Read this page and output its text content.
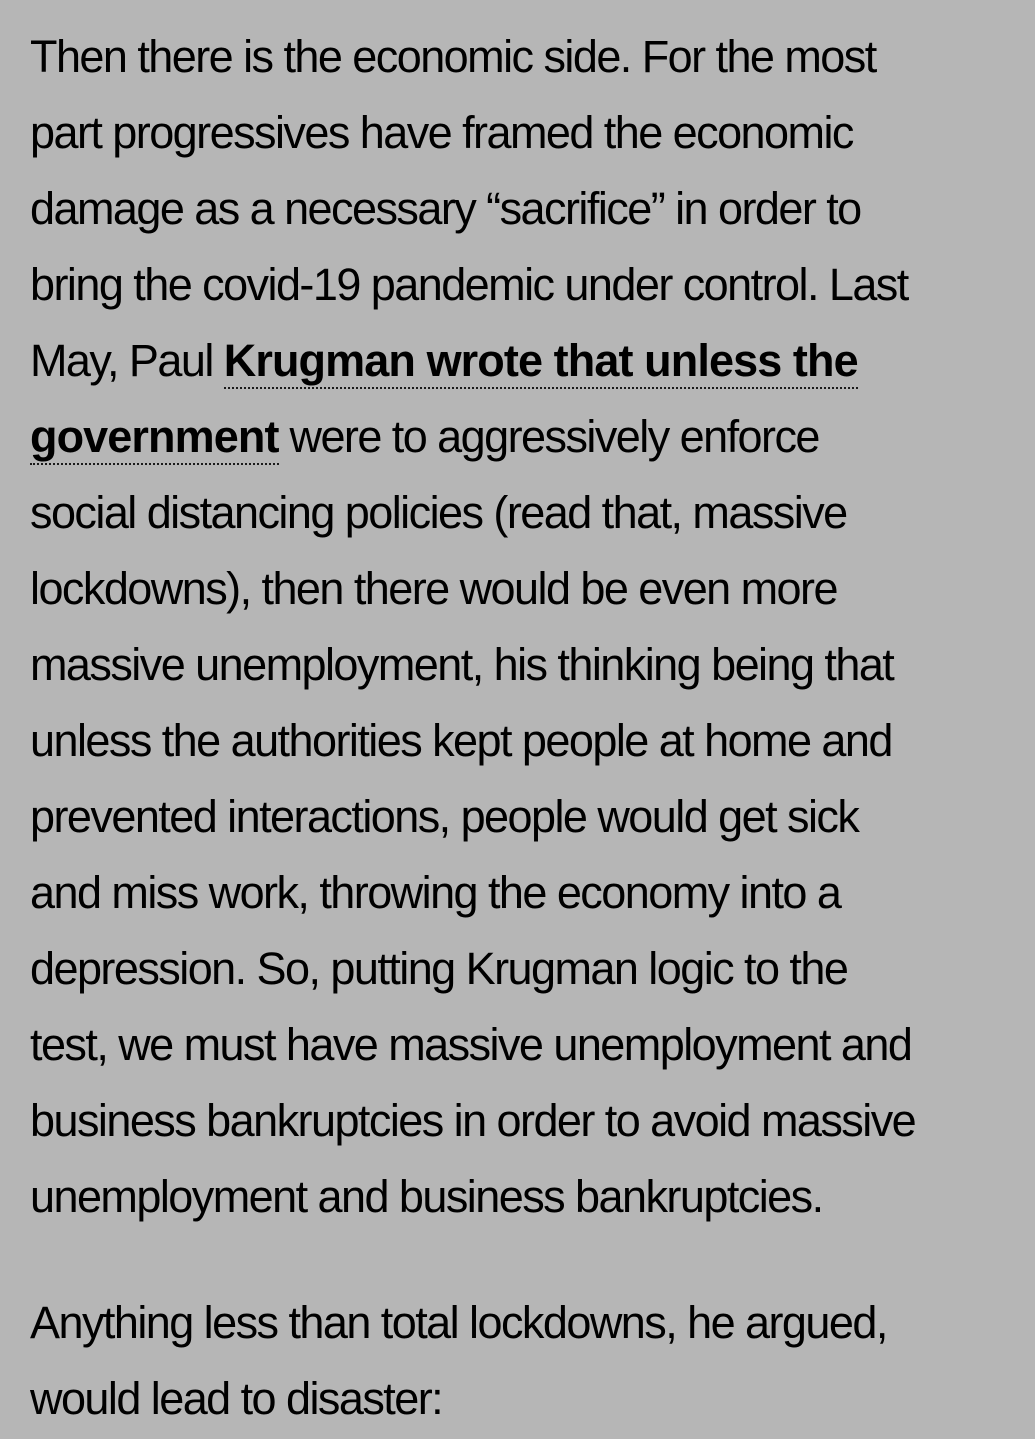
Then there is the economic side. For the most
part progressives have framed the economic
damage as a necessary “sacrifice” in order to
bring the covid-19 pandemic under control. Last
May, Paul Krugman wrote that unless the
government were to aggressively enforce
social distancing policies (read that, massive
lockdowns), then there would be even more
massive unemployment, his thinking being that
unless the authorities kept people at home and
prevented interactions, people would get sick
and miss work, throwing the economy into a
depression. So, putting Krugman logic to the
test, we must have massive unemployment and
business bankruptcies in order to avoid massive
unemployment and business bankruptcies.

Anything less than total lockdowns, he argued,
would lead to disaster:
